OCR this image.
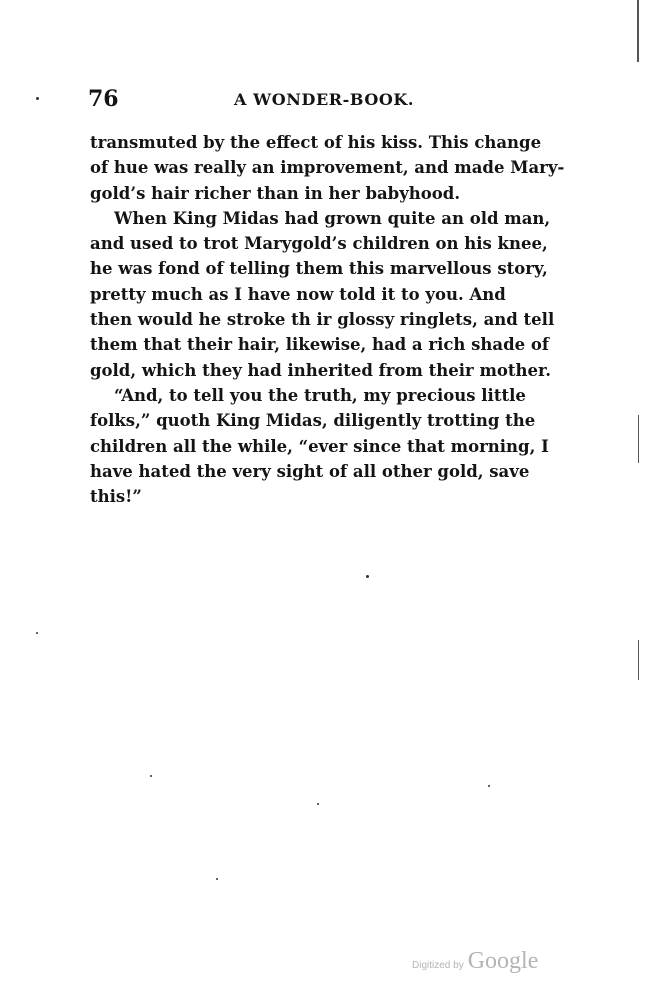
76	A WONDER-BOOK.

transmuted by the effect of his kiss. This change
of hue was really an improvement, and made Mary-
gold’s hair richer than in her babyhood.

When King Midas had grown quite an old man,
and used to trot Marygold’s children on his knee,
he was fond of telling them this marvellous story,
pretty much as I have now told it to you. And
then would he stroke th ir glossy ringlets, and tell
them that their hair, likewise, had a rich shade of
gold, which they had inherited from their mother.

“And, to tell you the truth, my precious little
folks,” quoth King Midas, diligently trotting the
children all the while, “ever since that morning, I
have hated the very sight of all other gold, save
this!”

Digitized by Google
